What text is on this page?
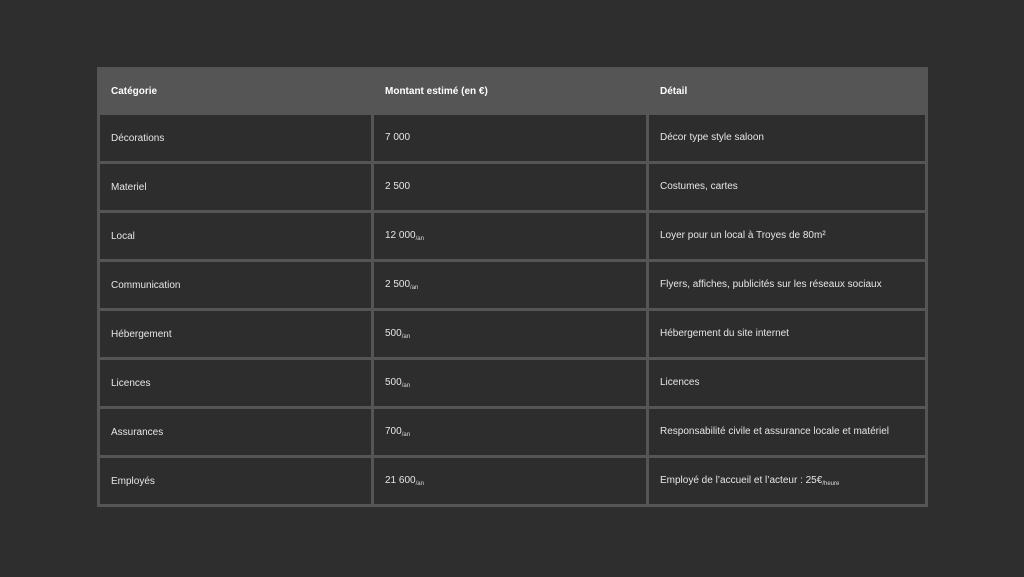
Catégorie	Montant estimé (en €)	Détail
Décorations	7 000	Décor type style saloon
Materiel	2 500	Costumes, cartes
Local	12 $000_{/an}$	Loyer pour un local à Troyes de 80m²
Communication	2 $500_{/an}$	Flyers, affiches, publicités sur les réseaux sociaux
Hébergement	$500_{/an}$	Hébergement du site internet
Licences	$500_{/an}$	Licences
Assurances	$700_{/an}$	Responsabilité civile et assurance locale et matériel
Employés	21 $600_{/an}$	Employé de l’accueil et l’acteur : $25€_{/heure}$
